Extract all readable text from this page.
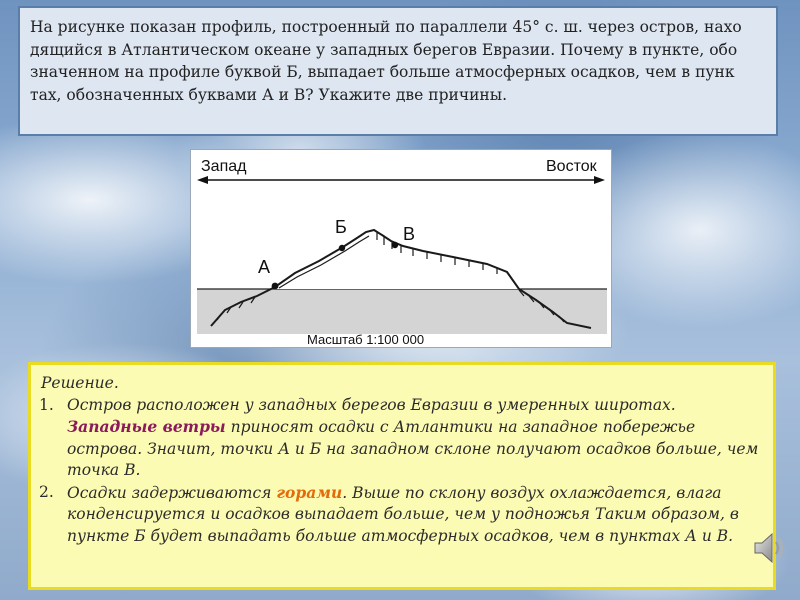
На рисунке показан профиль, построенный по параллели 45° с. ш. через остров, нахо дящийся в Атлантическом океане у западных берегов Евразии. Почему в пункте, обо значенном на профиле буквой Б, выпадает больше атмосферных осадков, чем в пунк тах, обозначенных буквами А и В? Укажите две причины.

Запад	Восток
А
Б	В
Масштаб 1:100 000
Решение.
1. Остров расположен у западных берегов Евразии в умеренных широтах. Западные ветры приносят осадки с Атлантики на западное побережье острова. Значит, точки А и Б на западном склоне получают осадков больше, чем точка В.
2. Осадки задерживаются горами. Выше по склону воздух охлаждается, влага конденсируется и осадков выпадает больше, чем у подножья Таким образом, в пункте Б будет выпадать больше атмосферных осадков, чем в пунктах А и В.
